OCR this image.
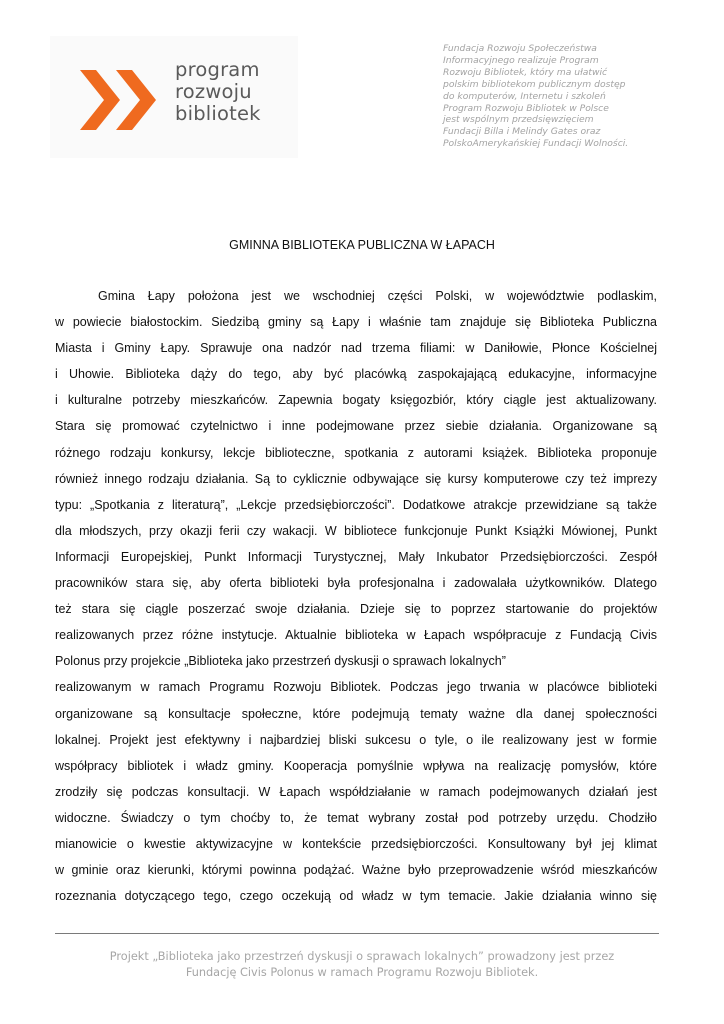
program
rozwoju
bibliotek
Fundacja Rozwoju Społeczeństwa
Informacyjnego realizuje Program
Rozwoju Bibliotek, który ma ułatwić
polskim bibliotekom publicznym dostęp
do komputerów, Internetu i szkoleń
Program Rozwoju Bibliotek w Polsce
jest wspólnym przedsięwzięciem
Fundacji Billa i Melindy Gates oraz
PolskoAmerykańskiej Fundacji Wolności.
GMINNA BIBLIOTEKA PUBLICZNA W ŁAPACH
Gmina Łapy położona jest we wschodniej części Polski, w województwie podlaskim,
w powiecie białostockim. Siedzibą gminy są Łapy i właśnie tam znajduje się Biblioteka Publiczna
Miasta i Gminy Łapy. Sprawuje ona nadzór nad trzema filiami: w Daniłowie, Płonce Kościelnej
i Uhowie. Biblioteka dąży do tego, aby być placówką zaspokajającą edukacyjne, informacyjne
i kulturalne potrzeby mieszkańców. Zapewnia bogaty księgozbiór, który ciągle jest aktualizowany.
Stara się promować czytelnictwo i inne podejmowane przez siebie działania. Organizowane są
różnego rodzaju konkursy, lekcje biblioteczne, spotkania z autorami książek. Biblioteka proponuje
również innego rodzaju działania. Są to cyklicznie odbywające się kursy komputerowe czy też imprezy
typu: „Spotkania z literaturą”, „Lekcje przedsiębiorczości”. Dodatkowe atrakcje przewidziane są także
dla młodszych, przy okazji ferii czy wakacji. W bibliotece funkcjonuje Punkt Książki Mówionej, Punkt
Informacji Europejskiej, Punkt Informacji Turystycznej, Mały Inkubator Przedsiębiorczości. Zespół
pracowników stara się, aby oferta biblioteki była profesjonalna i zadowalała użytkowników. Dlatego
też stara się ciągle poszerzać swoje działania. Dzieje się to poprzez startowanie do projektów
realizowanych przez różne instytucje. Aktualnie biblioteka w Łapach współpracuje z Fundacją Civis
Polonus przy projekcie „Biblioteka jako przestrzeń dyskusji o sprawach lokalnych”
realizowanym w ramach Programu Rozwoju Bibliotek. Podczas jego trwania w placówce biblioteki
organizowane są konsultacje społeczne, które podejmują tematy ważne dla danej społeczności
lokalnej. Projekt jest efektywny i najbardziej bliski sukcesu o tyle, o ile realizowany jest w formie
współpracy bibliotek i władz gminy. Kooperacja pomyślnie wpływa na realizację pomysłów, które
zrodziły się podczas konsultacji. W Łapach współdziałanie w ramach podejmowanych działań jest
widoczne. Świadczy o tym choćby to, że temat wybrany został pod potrzeby urzędu. Chodziło
mianowicie o kwestie aktywizacyjne w kontekście przedsiębiorczości. Konsultowany był jej klimat
w gminie oraz kierunki, którymi powinna podążać. Ważne było przeprowadzenie wśród mieszkańców
rozeznania dotyczącego tego, czego oczekują od władz w tym temacie. Jakie działania winno się
Projekt „Biblioteka jako przestrzeń dyskusji o sprawach lokalnych” prowadzony jest przez
Fundację Civis Polonus w ramach Programu Rozwoju Bibliotek.
